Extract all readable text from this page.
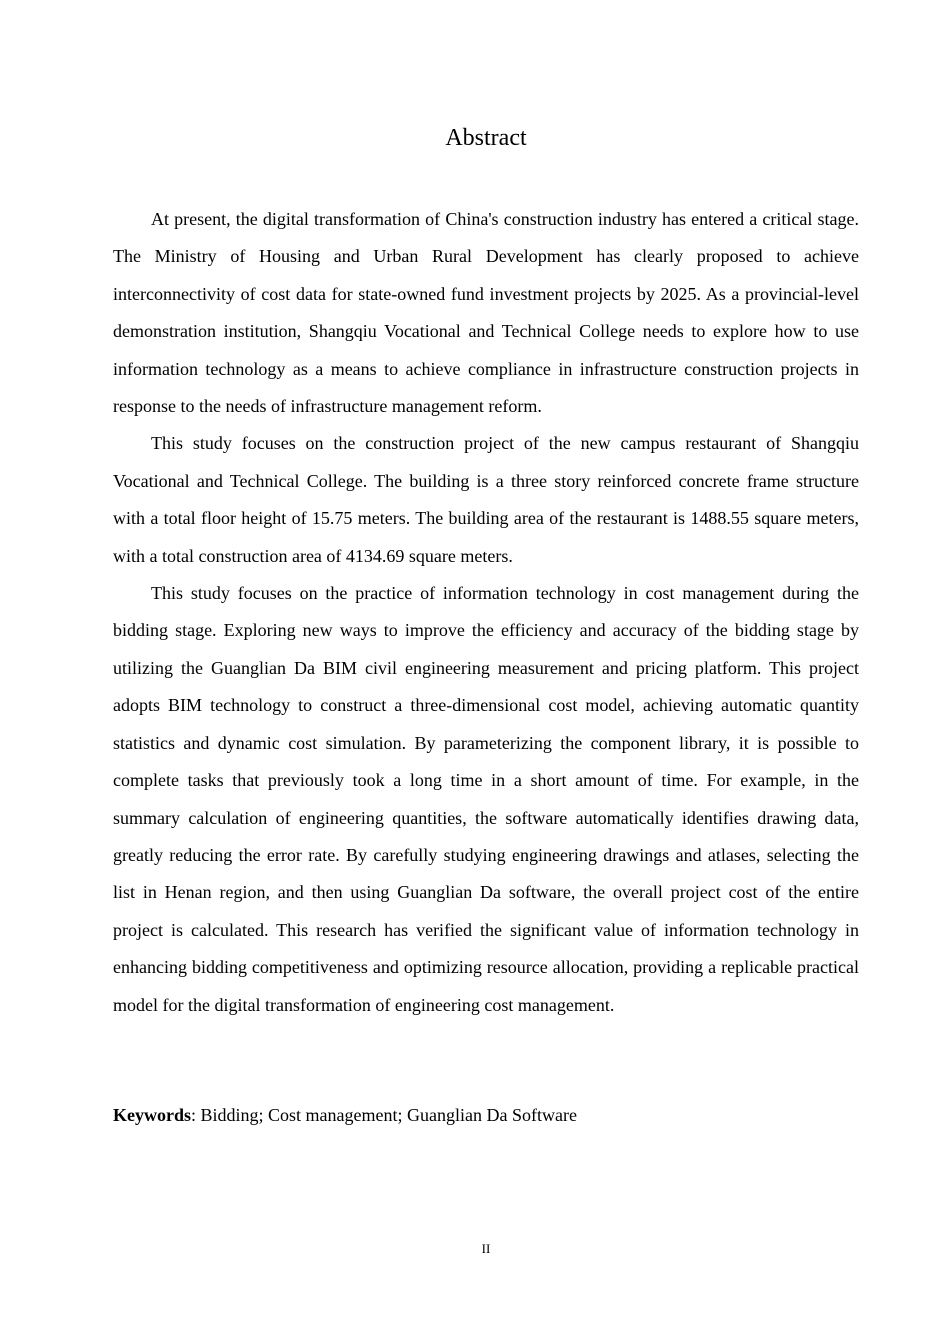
Abstract

At present, the digital transformation of China's construction industry has entered a critical stage. The Ministry of Housing and Urban Rural Development has clearly proposed to achieve interconnectivity of cost data for state-owned fund investment projects by 2025. As a provincial-level demonstration institution, Shangqiu Vocational and Technical College needs to explore how to use information technology as a means to achieve compliance in infrastructure construction projects in response to the needs of infrastructure management reform.

This study focuses on the construction project of the new campus restaurant of Shangqiu Vocational and Technical College. The building is a three story reinforced concrete frame structure with a total floor height of 15.75 meters. The building area of the restaurant is 1488.55 square meters, with a total construction area of 4134.69 square meters.

This study focuses on the practice of information technology in cost management during the bidding stage. Exploring new ways to improve the efficiency and accuracy of the bidding stage by utilizing the Guanglian Da BIM civil engineering measurement and pricing platform. This project adopts BIM technology to construct a three-dimensional cost model, achieving automatic quantity statistics and dynamic cost simulation. By parameterizing the component library, it is possible to complete tasks that previously took a long time in a short amount of time. For example, in the summary calculation of engineering quantities, the software automatically identifies drawing data, greatly reducing the error rate. By carefully studying engineering drawings and atlases, selecting the list in Henan region, and then using Guanglian Da software, the overall project cost of the entire project is calculated. This research has verified the significant value of information technology in enhancing bidding competitiveness and optimizing resource allocation, providing a replicable practical model for the digital transformation of engineering cost management.

Keywords: Bidding; Cost management; Guanglian Da Software

II
